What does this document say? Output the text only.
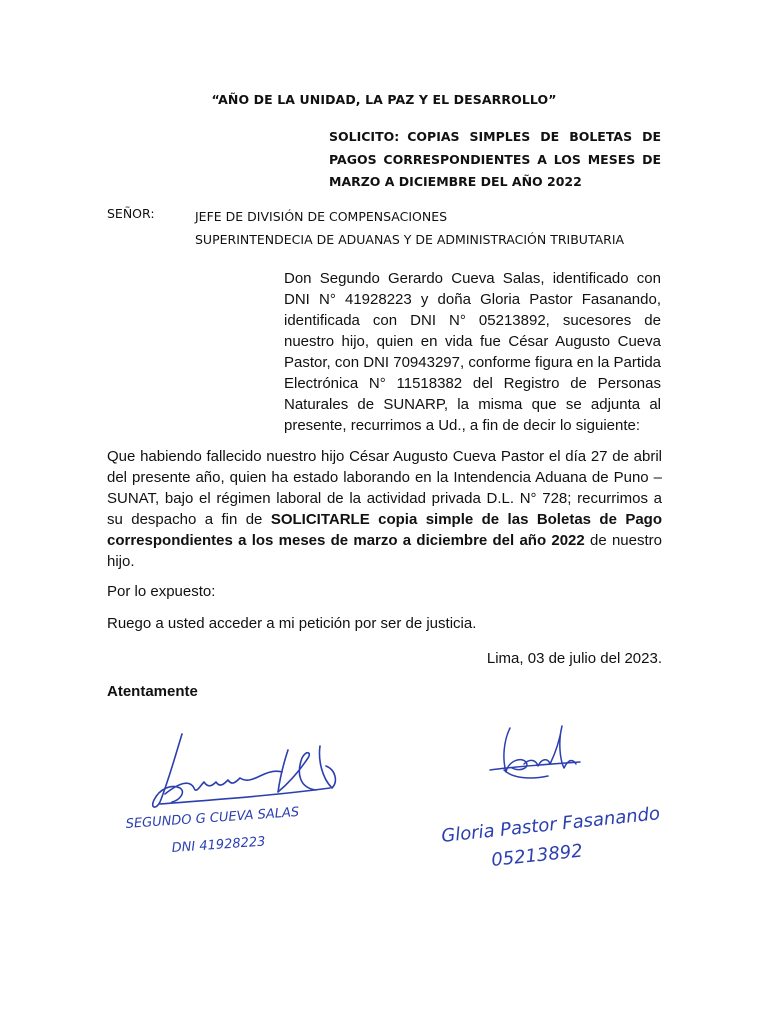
“AÑO DE LA UNIDAD, LA PAZ Y EL DESARROLLO”
SOLICITO: COPIAS SIMPLES DE BOLETAS DE PAGOS CORRESPONDIENTES A LOS MESES DE MARZO A DICIEMBRE DEL AÑO 2022
SEÑOR:	JEFE DE DIVISIÓN DE COMPENSACIONES
SUPERINTENDECIA DE ADUANAS Y DE ADMINISTRACIÓN TRIBUTARIA
Don Segundo Gerardo Cueva Salas, identificado con DNI N° 41928223 y doña Gloria Pastor Fasanando, identificada con DNI N° 05213892, sucesores de nuestro hijo, quien en vida fue César Augusto Cueva Pastor, con DNI 70943297, conforme figura en la Partida Electrónica N° 11518382 del Registro de Personas Naturales de SUNARP, la misma que se adjunta al presente, recurrimos a Ud., a fin de decir lo siguiente:
Que habiendo fallecido nuestro hijo César Augusto Cueva Pastor el día 27 de abril del presente año, quien ha estado laborando en la Intendencia Aduana de Puno – SUNAT, bajo el régimen laboral de la actividad privada D.L. N° 728; recurrimos a su despacho a fin de SOLICITARLE copia simple de las Boletas de Pago correspondientes a los meses de marzo a diciembre del año 2022 de nuestro hijo.
Por lo expuesto:
Ruego a usted acceder a mi petición por ser de justicia.
Lima, 03 de julio del 2023.
Atentamente
SEGUNDO G CUEVA SALAS
DNI 41928223	Gloria Pastor Fasanando
05213892
